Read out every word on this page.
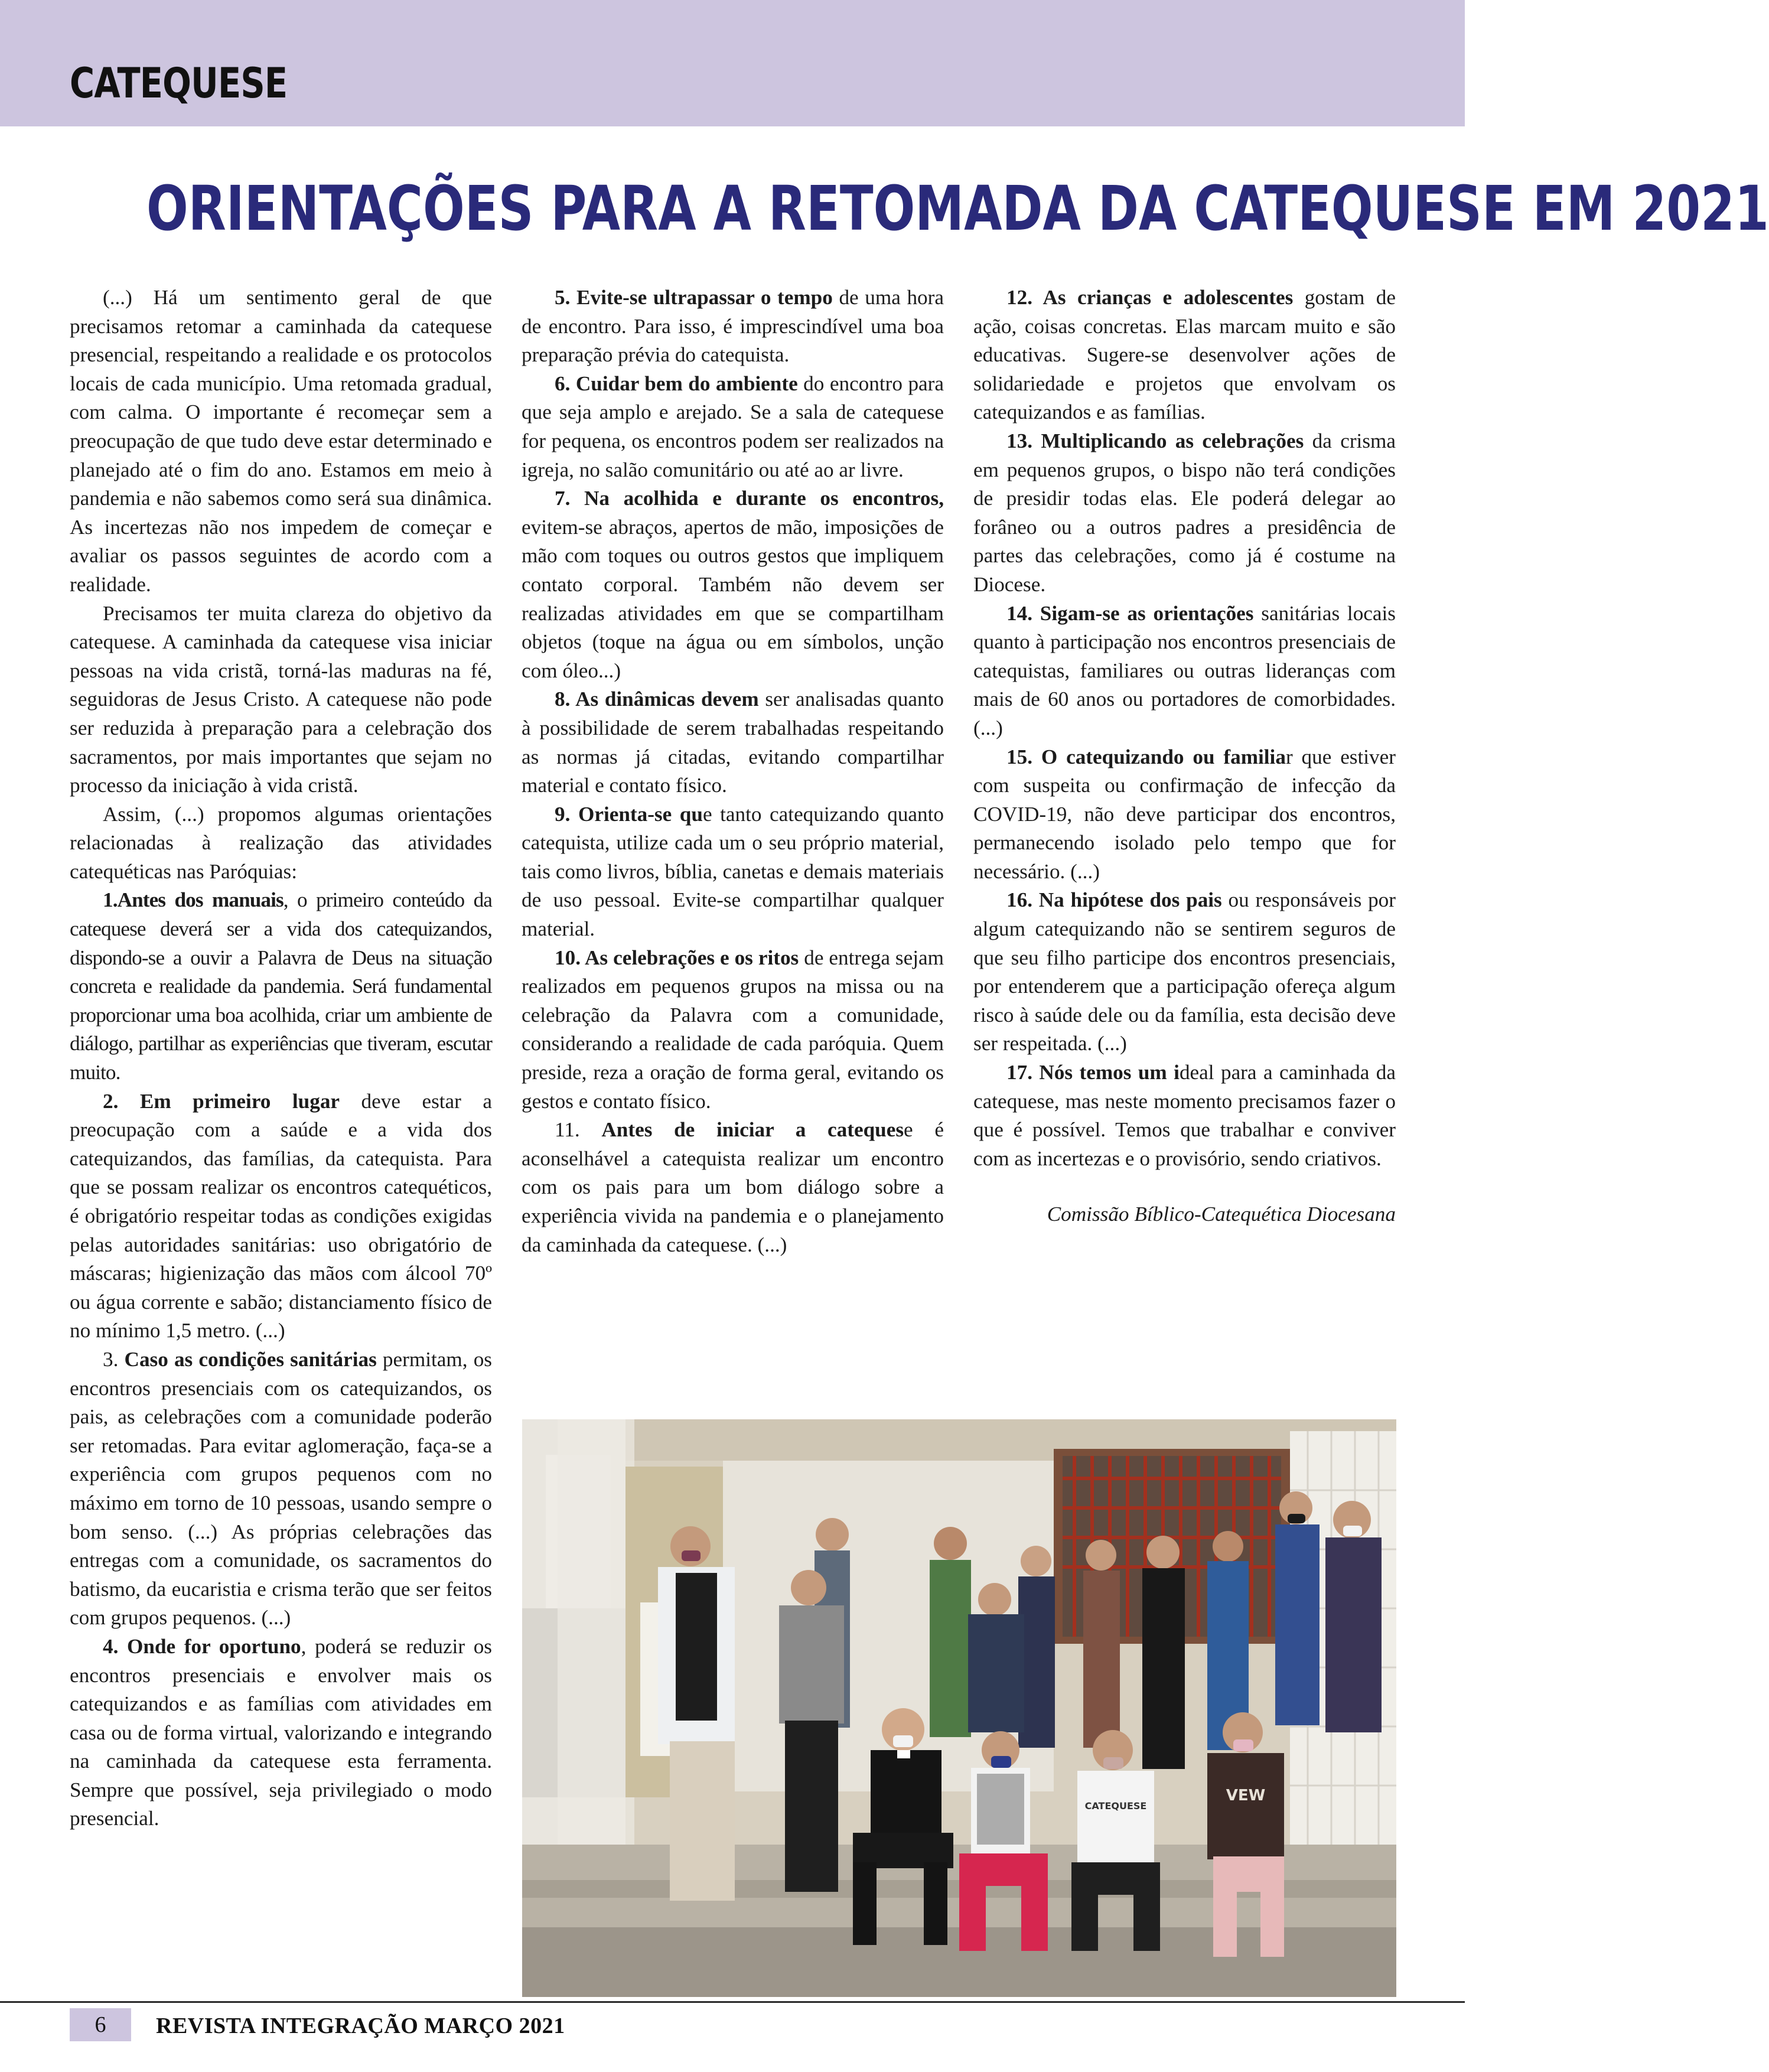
CATEQUESE
ORIENTAÇÕES PARA A RETOMADA DA CATEQUESE EM 2021

(...) Há um sentimento geral de que precisamos retomar a caminhada da catequese presencial, respeitando a realidade e os protocolos locais de cada município. Uma retomada gradual, com calma. O importante é recomeçar sem a preocupação de que tudo deve estar determinado e planejado até o fim do ano. Estamos em meio à pandemia e não sabemos como será sua dinâmica. As incertezas não nos impedem de começar e avaliar os passos seguintes de acordo com a realidade.

Precisamos ter muita clareza do objetivo da catequese. A caminhada da catequese visa iniciar pessoas na vida cristã, torná-las maduras na fé, seguidoras de Jesus Cristo. A catequese não pode ser reduzida à preparação para a celebração dos sacramentos, por mais importantes que sejam no processo da iniciação à vida cristã.

Assim, (...) propomos algumas orientações relacionadas à realização das atividades catequéticas nas Paróquias:

1.Antes dos manuais, o primeiro conteúdo da catequese deverá ser a vida dos catequizandos, dispondo-se a ouvir a Palavra de Deus na situação concreta e realidade da pandemia. Será fundamental proporcionar uma boa acolhida, criar um ambiente de diálogo, partilhar as experiências que tiveram, escutar muito.

2. Em primeiro lugar deve estar a preocupação com a saúde e a vida dos catequizandos, das famílias, da catequista. Para que se possam realizar os encontros catequéticos, é obrigatório respeitar todas as condições exigidas pelas autoridades sanitárias: uso obrigatório de máscaras; higienização das mãos com álcool 70º ou água corrente e sabão; distanciamento físico de no mínimo 1,5 metro. (...)

3. Caso as condições sanitárias permitam, os encontros presenciais com os catequizandos, os pais, as celebrações com a comunidade poderão ser retomadas. Para evitar aglomeração, faça-se a experiência com grupos pequenos com no máximo em torno de 10 pessoas, usando sempre o bom senso. (...) As próprias celebrações das entregas com a comunidade, os sacramentos do batismo, da eucaristia e crisma terão que ser feitos com grupos pequenos. (...)

4. Onde for oportuno, poderá se reduzir os encontros presenciais e envolver mais os catequizandos e as famílias com atividades em casa ou de forma virtual, valorizando e integrando na caminhada da catequese esta ferramenta. Sempre que possível, seja privilegiado o modo presencial.

5. Evite-se ultrapassar o tempo de uma hora de encontro. Para isso, é imprescindível uma boa preparação prévia do catequista.

6. Cuidar bem do ambiente do encontro para que seja amplo e arejado. Se a sala de catequese for pequena, os encontros podem ser realizados na igreja, no salão comunitário ou até ao ar livre.

7. Na acolhida e durante os encontros, evitem-se abraços, apertos de mão, imposições de mão com toques ou outros gestos que impliquem contato corporal. Também não devem ser realizadas atividades em que se compartilham objetos (toque na água ou em símbolos, unção com óleo...)

8. As dinâmicas devem ser analisadas quanto à possibilidade de serem trabalhadas respeitando as normas já citadas, evitando compartilhar material e contato físico.

9. Orienta-se que tanto catequizando quanto catequista, utilize cada um o seu próprio material, tais como livros, bíblia, canetas e demais materiais de uso pessoal. Evite-se compartilhar qualquer material.

10. As celebrações e os ritos de entrega sejam realizados em pequenos grupos na missa ou na celebração da Palavra com a comunidade, considerando a realidade de cada paróquia. Quem preside, reza a oração de forma geral, evitando os gestos e contato físico.

11. Antes de iniciar a catequese é aconselhável a catequista realizar um encontro com os pais para um bom diálogo sobre a experiência vivida na pandemia e o planejamento da caminhada da catequese. (...)

12. As crianças e adolescentes gostam de ação, coisas concretas. Elas marcam muito e são educativas. Sugere-se desenvolver ações de solidariedade e projetos que envolvam os catequizandos e as famílias.

13. Multiplicando as celebrações da crisma em pequenos grupos, o bispo não terá condições de presidir todas elas. Ele poderá delegar ao forâneo ou a outros padres a presidência de partes das celebrações, como já é costume na Diocese.

14. Sigam-se as orientações sanitárias locais quanto à participação nos encontros presenciais de catequistas, familiares ou outras lideranças com mais de 60 anos ou portadores de comorbidades. (...)

15. O catequizando ou familiar que estiver com suspeita ou confirmação de infecção da COVID-19, não deve participar dos encontros, permanecendo isolado pelo tempo que for necessário. (...)

16. Na hipótese dos pais ou responsáveis por algum catequizando não se sentirem seguros de que seu filho participe dos encontros presenciais, por entenderem que a participação ofereça algum risco à saúde dele ou da família, esta decisão deve ser respeitada. (...)

17. Nós temos um ideal para a caminhada da catequese, mas neste momento precisamos fazer o que é possível. Temos que trabalhar e conviver com as incertezas e o provisório, sendo criativos.

Comissão Bíblico-Catequética Diocesana

CATEQUESE
VEW
6	REVISTA INTEGRAÇÃO MARÇO 2021
